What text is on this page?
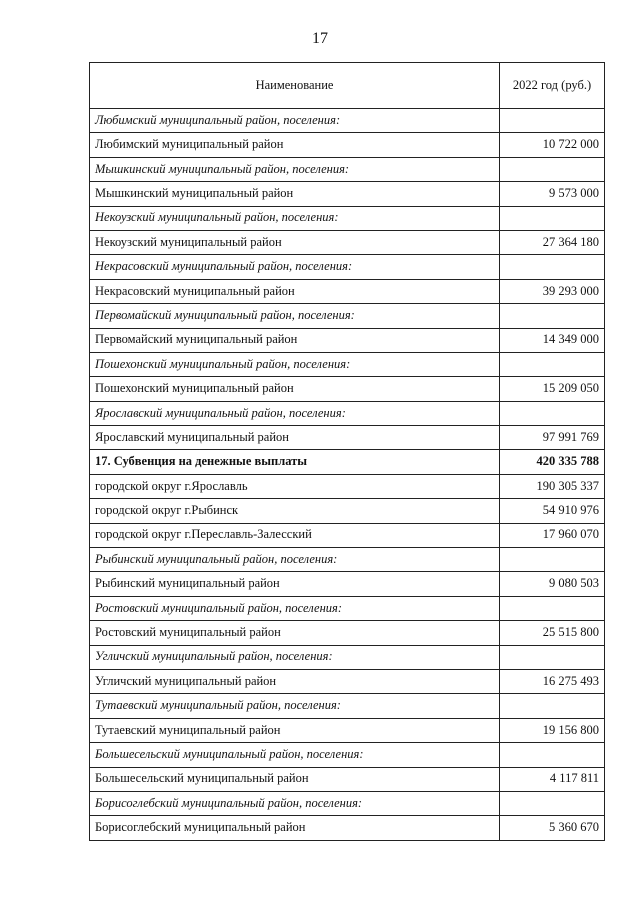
17
Наименование	2022 год (руб.)
Любимский муниципальный район, поселения:	
Любимский муниципальный район	10 722 000
Мышкинский муниципальный район, поселения:	
Мышкинский муниципальный район	9 573 000
Некоузский муниципальный район, поселения:	
Некоузский муниципальный район	27 364 180
Некрасовский муниципальный район, поселения:	
Некрасовский муниципальный район	39 293 000
Первомайский муниципальный район, поселения:	
Первомайский муниципальный район	14 349 000
Пошехонский муниципальный район, поселения:	
Пошехонский муниципальный район	15 209 050
Ярославский муниципальный район, поселения:	
Ярославский муниципальный район	97 991 769
17. Субвенция на денежные выплаты	420 335 788
городской округ г.Ярославль	190 305 337
городской округ г.Рыбинск	54 910 976
городской округ г.Переславль-Залесский	17 960 070
Рыбинский муниципальный район, поселения:	
Рыбинский муниципальный район	9 080 503
Ростовский муниципальный район, поселения:	
Ростовский муниципальный район	25 515 800
Угличский муниципальный район, поселения:	
Угличский муниципальный район	16 275 493
Тутаевский муниципальный район, поселения:	
Тутаевский муниципальный район	19 156 800
Большесельский муниципальный район, поселения:	
Большесельский муниципальный район	4 117 811
Борисоглебский муниципальный район, поселения:	
Борисоглебский муниципальный район	5 360 670
